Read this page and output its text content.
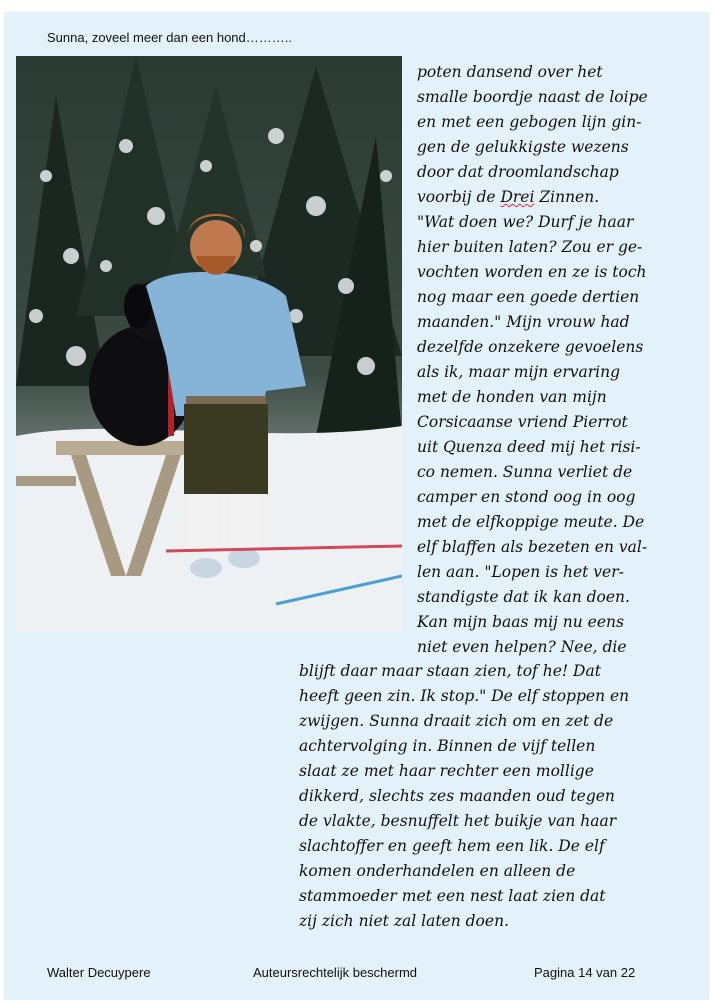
Sunna, zoveel meer dan een hond………..
poten dansend over het
smalle boordje naast de loipe
en met een gebogen lijn gin-
gen de gelukkigste wezens
door dat droomlandschap
voorbij de Drei Zinnen.
"Wat doen we? Durf je haar
hier buiten laten? Zou er ge-
vochten worden en ze is toch
nog maar een goede dertien
maanden." Mijn vrouw had
dezelfde onzekere gevoelens
als ik, maar mijn ervaring
met de honden van mijn
Corsicaanse vriend Pierrot
uit Quenza deed mij het risi-
co nemen. Sunna verliet de
camper en stond oog in oog
met de elfkoppige meute. De
elf blaffen als bezeten en val-
len aan. "Lopen is het ver-
standigste dat ik kan doen.
Kan mijn baas mij nu eens
niet even helpen? Nee, die
blijft daar maar staan zien, tof he! Dat
heeft geen zin. Ik stop." De elf stoppen en
zwijgen. Sunna draait zich om en zet de
achtervolging in. Binnen de vijf tellen
slaat ze met haar rechter een mollige
dikkerd, slechts zes maanden oud tegen
de vlakte, besnuffelt het buikje van haar
slachtoffer en geeft hem een lik. De elf
komen onderhandelen en alleen de
stammoeder met een nest laat zien dat
zij zich niet zal laten doen.
Walter Decuypere	Auteursrechtelijk beschermd	Pagina 14 van 22
